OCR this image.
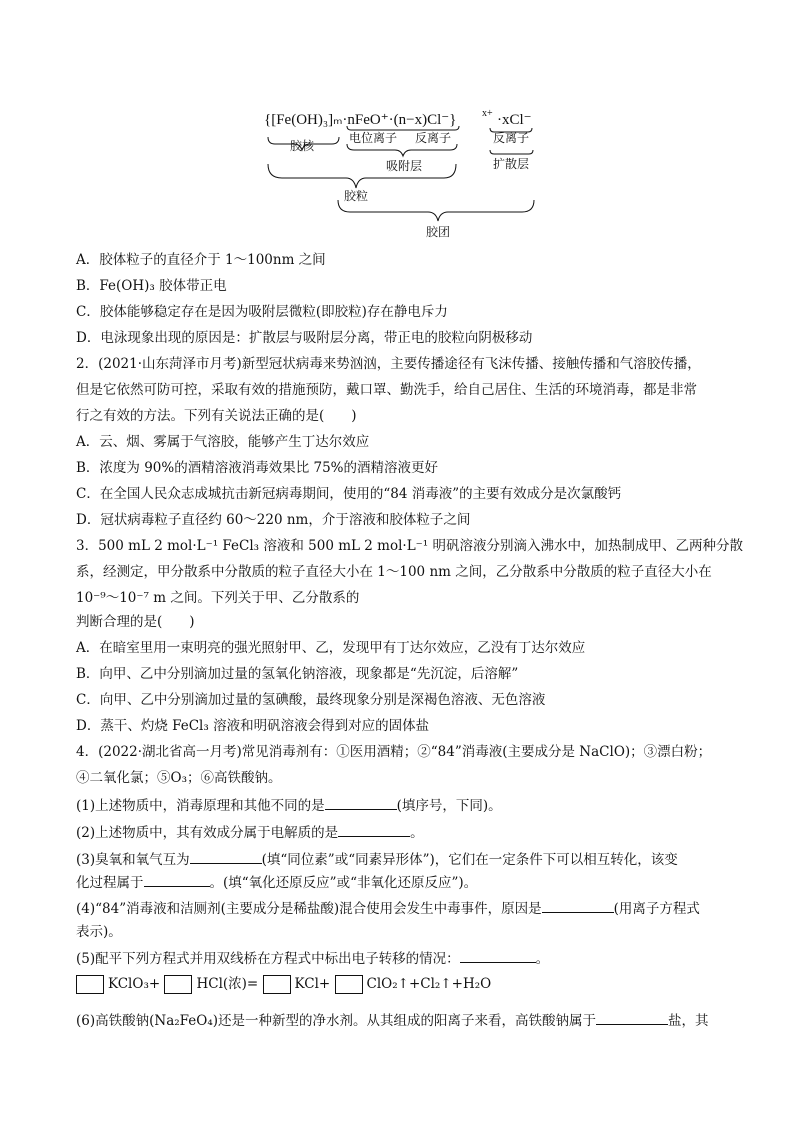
{[Fe(OH)₃]ₘ·nFeO⁺·(n−x)Cl⁻}	x+ ·xCl⁻
胶核
电位离子 反离子
吸附层
反离子
扩散层
胶粒
胶团
A．胶体粒子的直径介于 1～100nm 之间
B．Fe(OH)₃ 胶体带正电
C．胶体能够稳定存在是因为吸附层微粒(即胶粒)存在静电斥力
D．电泳现象出现的原因是：扩散层与吸附层分离，带正电的胶粒向阴极移动
2．(2021·山东菏泽市月考)新型冠状病毒来势汹汹，主要传播途径有飞沫传播、接触传播和气溶胶传播，
但是它依然可防可控，采取有效的措施预防，戴口罩、勤洗手，给自己居住、生活的环境消毒，都是非常
行之有效的方法。下列有关说法正确的是(　　)
A．云、烟、雾属于气溶胶，能够产生丁达尔效应
B．浓度为 90%的酒精溶液消毒效果比 75%的酒精溶液更好
C．在全国人民众志成城抗击新冠病毒期间，使用的“84 消毒液”的主要有效成分是次氯酸钙
D．冠状病毒粒子直径约 60～220 nm，介于溶液和胶体粒子之间
3．500 mL 2 mol·L⁻¹ FeCl₃ 溶液和 500 mL 2 mol·L⁻¹ 明矾溶液分别滴入沸水中，加热制成甲、乙两种分散
系，经测定，甲分散系中分散质的粒子直径大小在 1～100 nm 之间，乙分散系中分散质的粒子直径大小在
10⁻⁹～10⁻⁷ m 之间。下列关于甲、乙分散系的
判断合理的是(　　)
A．在暗室里用一束明亮的强光照射甲、乙，发现甲有丁达尔效应，乙没有丁达尔效应
B．向甲、乙中分别滴加过量的氢氧化钠溶液，现象都是“先沉淀，后溶解”
C．向甲、乙中分别滴加过量的氢碘酸，最终现象分别是深褐色溶液、无色溶液
D．蒸干、灼烧 FeCl₃ 溶液和明矾溶液会得到对应的固体盐
4．(2022·湖北省高一月考)常见消毒剂有：①医用酒精；②“84”消毒液(主要成分是 NaClO)；③漂白粉；
④二氧化氯；⑤O₃；⑥高铁酸钠。
(1)上述物质中，消毒原理和其他不同的是	(填序号，下同)。
(2)上述物质中，其有效成分属于电解质的是	。
(3)臭氧和氧气互为	(填“同位素”或“同素异形体”)，它们在一定条件下可以相互转化，该变
化过程属于	。(填“氧化还原反应”或“非氧化还原反应”)。
(4)“84”消毒液和洁厕剂(主要成分是稀盐酸)混合使用会发生中毒事件，原因是	(用离子方程式
表示)。
(5)配平下列方程式并用双线桥在方程式中标出电子转移的情况：	。
KClO₃+	HCl(浓)=	KCl+	ClO₂↑+Cl₂↑+H₂O
(6)高铁酸钠(Na₂FeO₄)还是一种新型的净水剂。从其组成的阳离子来看，高铁酸钠属于	盐，其
